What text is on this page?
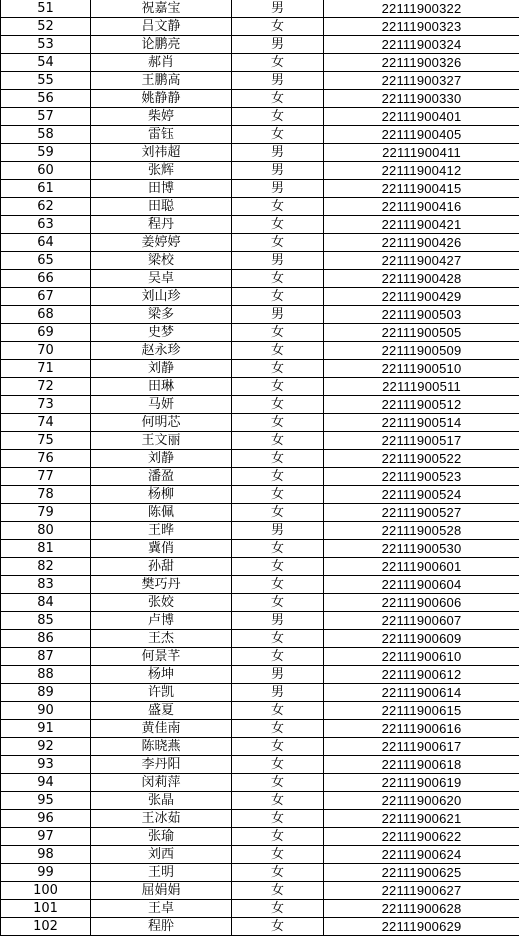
51	祝嘉宝	男	22111900322
52	吕文静	女	22111900323
53	论鹏亮	男	22111900324
54	郝肖	女	22111900326
55	王鹏高	男	22111900327
56	姚静静	女	22111900330
57	柴婷	女	22111900401
58	雷钰	女	22111900405
59	刘祎超	男	22111900411
60	张辉	男	22111900412
61	田博	男	22111900415
62	田聪	女	22111900416
63	程丹	女	22111900421
64	姜婷婷	女	22111900426
65	梁校	男	22111900427
66	吴卓	女	22111900428
67	刘山珍	女	22111900429
68	梁多	男	22111900503
69	史梦	女	22111900505
70	赵永珍	女	22111900509
71	刘静	女	22111900510
72	田琳	女	22111900511
73	马妍	女	22111900512
74	何明芯	女	22111900514
75	王文丽	女	22111900517
76	刘静	女	22111900522
77	潘盈	女	22111900523
78	杨柳	女	22111900524
79	陈佩	女	22111900527
80	王晔	男	22111900528
81	冀俏	女	22111900530
82	孙甜	女	22111900601
83	樊巧丹	女	22111900604
84	张姣	女	22111900606
85	卢博	男	22111900607
86	王杰	女	22111900609
87	何景芊	女	22111900610
88	杨坤	男	22111900612
89	许凯	男	22111900614
90	盛夏	女	22111900615
91	黄佳南	女	22111900616
92	陈晓燕	女	22111900617
93	李丹阳	女	22111900618
94	闵莉萍	女	22111900619
95	张晶	女	22111900620
96	王冰茹	女	22111900621
97	张瑜	女	22111900622
98	刘西	女	22111900624
99	王明	女	22111900625
100	屈娟娟	女	22111900627
101	王卓	女	22111900628
102	程肸	女	22111900629
